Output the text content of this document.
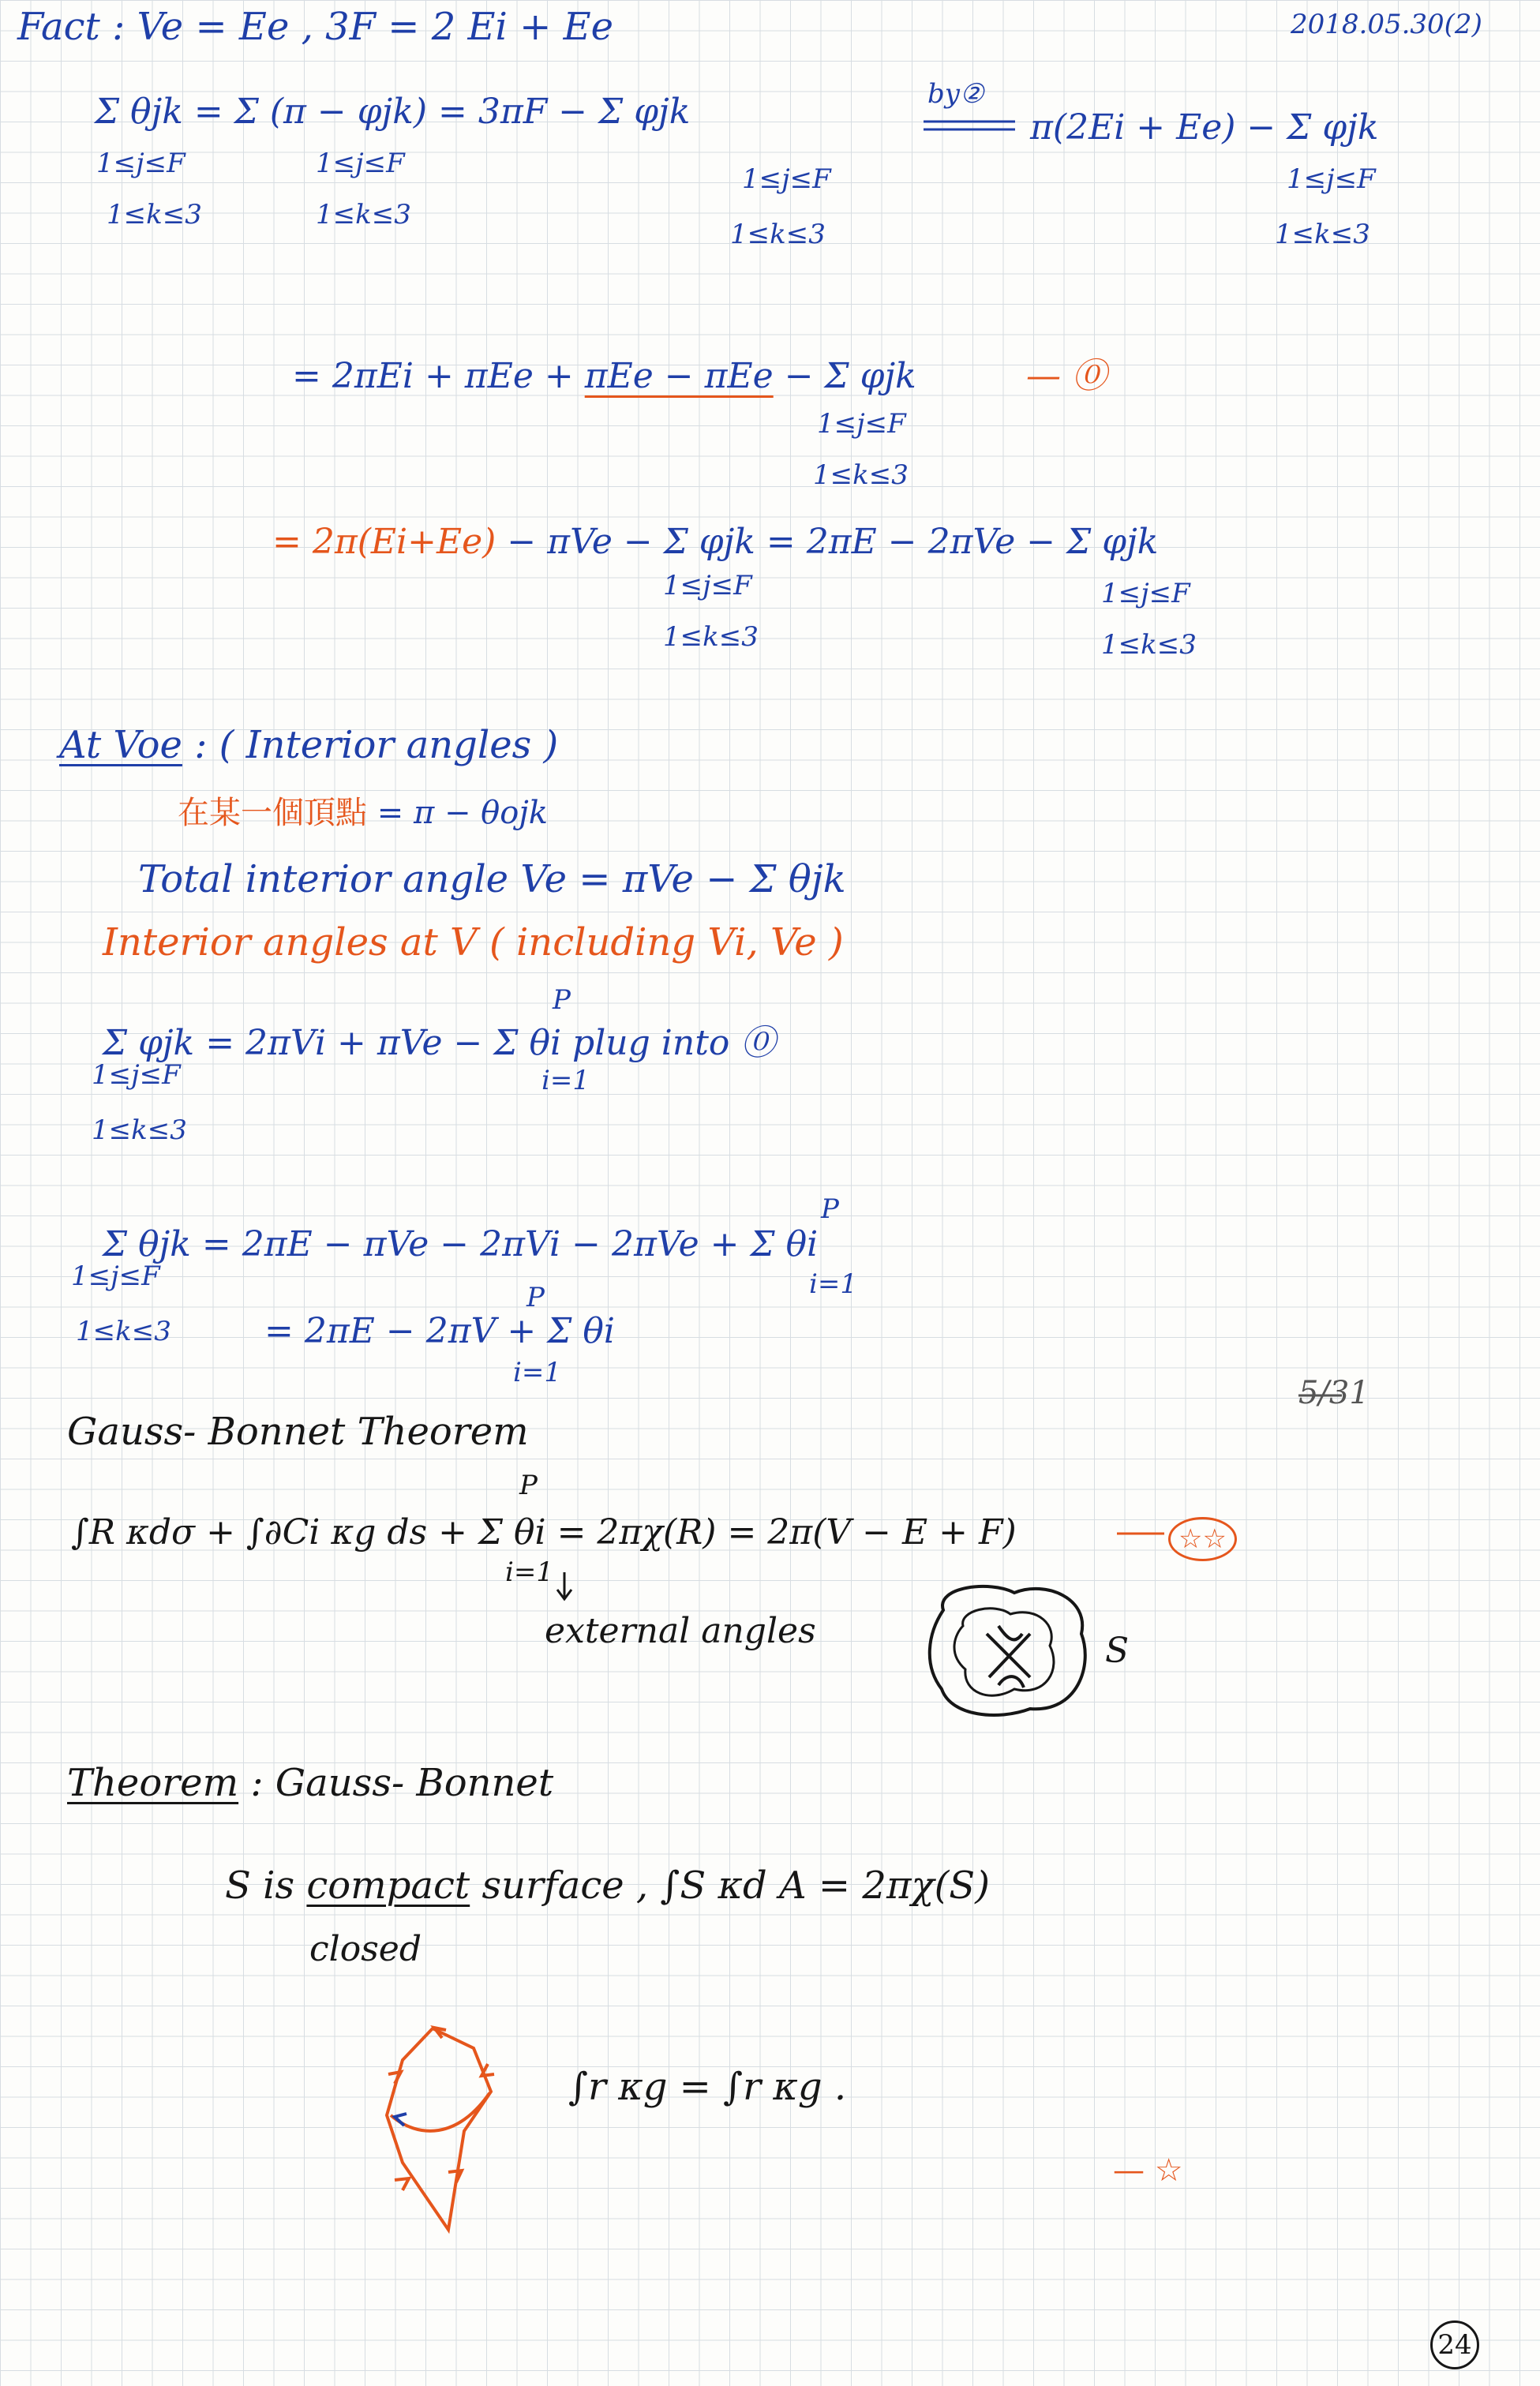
Fact : Ve = Ee , 3F = 2 Ei + Ee	2018.05.30(2)
Σ θjk = Σ (π − φjk) = 3πF − Σ φjk	by②
π(2Ei + Ee) − Σ φjk
1≤j≤F
1≤k≤3
1≤j≤F
1≤k≤3
1≤j≤F
1≤k≤3
1≤j≤F
1≤k≤3
= 2πEi + πEe + πEe − πEe − Σ φjk	— ⓪
1≤j≤F
1≤k≤3
= 2π(Ei+Ee) − πVe − Σ φjk = 2πE − 2πVe − Σ φjk
1≤j≤F
1≤k≤3
1≤j≤F
1≤k≤3
At Voe : ( Interior angles )
在某一個頂點 = π − θojk
Total interior angle Ve = πVe − Σ θjk
Interior angles at V ( including Vi, Ve )
Σ φjk = 2πVi + πVe − Σ θi plug into ⓪
1≤j≤F
1≤k≤3
P
i=1
Σ θjk = 2πE − πVe − 2πVi − 2πVe + Σ θi
1≤j≤F
1≤k≤3
P
i=1
= 2πE − 2πV + Σ θi
P
i=1
5/31
Gauss- Bonnet Theorem
∫R κdσ + ∫∂Ci κg ds + Σ θi = 2πχ(R) = 2π(V − E + F)
P
i=1
☆☆
external angles	S
Theorem : Gauss- Bonnet
S is compact surface , ∫S κd A = 2πχ(S)
closed
∫r κg = ∫r κg .
— ☆
24
